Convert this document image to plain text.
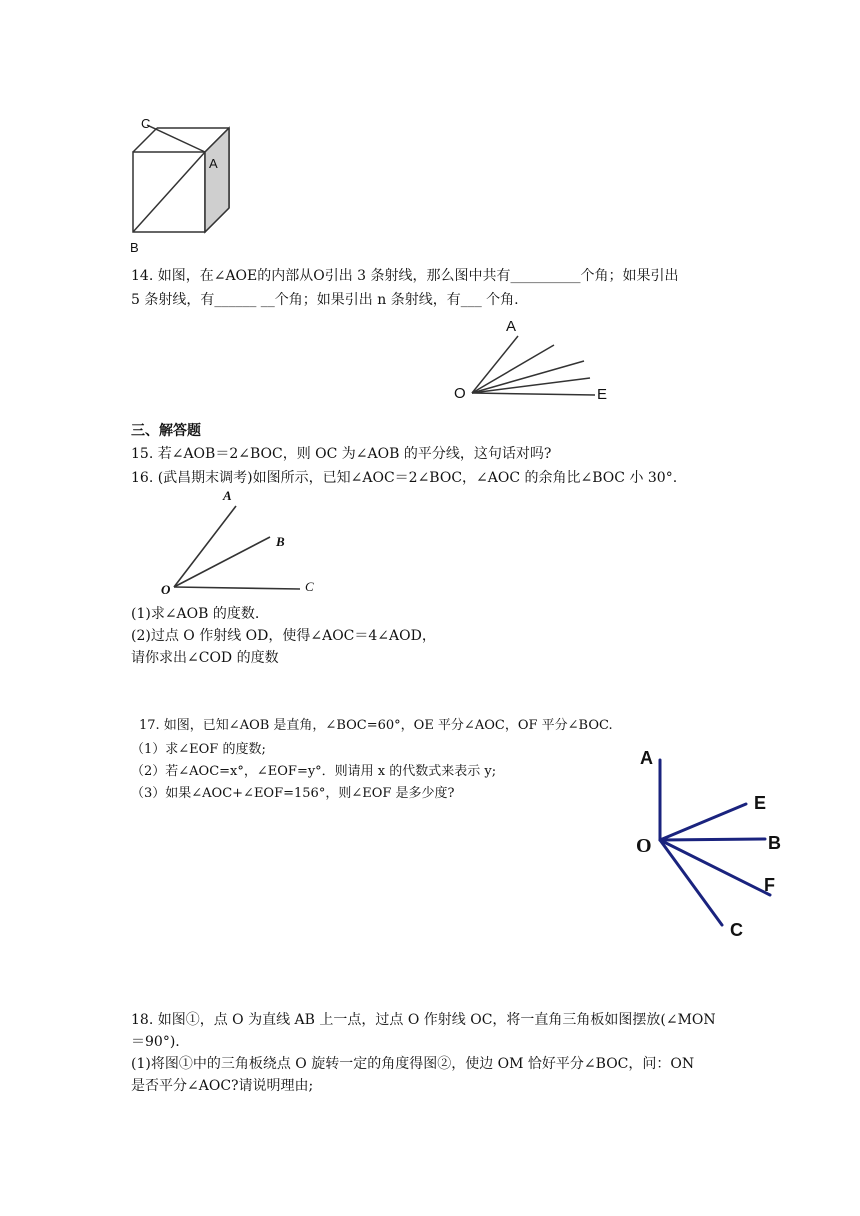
C
A
B
14. 如图，在∠AOE的内部从O引出 3 条射线，那么图中共有__________个角；如果引出
5 条射线，有______ __个角；如果引出 n 条射线，有___ 个角.
A
O	E
三、解答题
15. 若∠AOB＝2∠BOC，则 OC 为∠AOB 的平分线，这句话对吗?
16. (武昌期末调考)如图所示，已知∠AOC＝2∠BOC，∠AOC 的余角比∠BOC 小 30°.
A
B
O	C
(1)求∠AOB 的度数.
(2)过点 O 作射线 OD，使得∠AOC＝4∠AOD，
请你求出∠COD 的度数
17. 如图，已知∠AOB 是直角，∠BOC=60°，OE 平分∠AOC，OF 平分∠BOC.
（1）求∠EOF 的度数;
（2）若∠AOC=x°，∠EOF=y°．则请用 x 的代数式来表示 y;
（3）如果∠AOC+∠EOF=156°，则∠EOF 是多少度?
A
E
O	B
F
C
18. 如图①，点 O 为直线 AB 上一点，过点 O 作射线 OC，将一直角三角板如图摆放(∠MON
＝90°).
(1)将图①中的三角板绕点 O 旋转一定的角度得图②，使边 OM 恰好平分∠BOC，问：ON
是否平分∠AOC?请说明理由;
